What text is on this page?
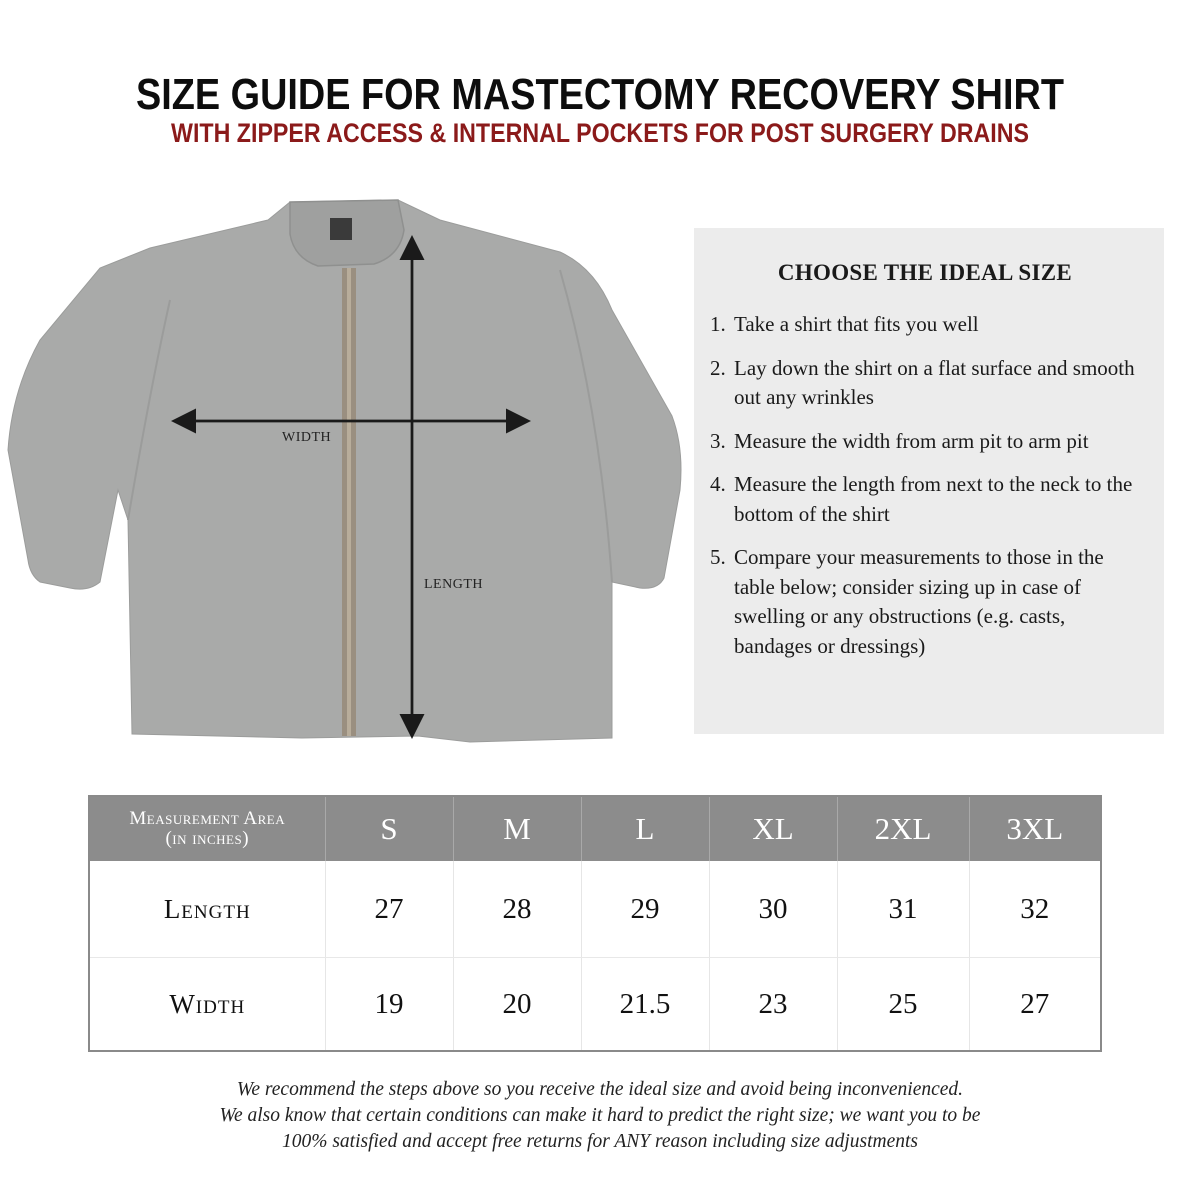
SIZE GUIDE FOR MASTECTOMY RECOVERY SHIRT
WITH ZIPPER ACCESS & INTERNAL POCKETS FOR POST SURGERY DRAINS
WIDTH
LENGTH
CHOOSE THE IDEAL SIZE
1. Take a shirt that fits you well
2. Lay down the shirt on a flat surface and smooth out any wrinkles
3. Measure the width from arm pit to arm pit
4. Measure the length from next to the neck to the bottom of the shirt
5. Compare your measurements to those in the table below; consider sizing up in case of swelling or any obstructions (e.g. casts, bandages or dressings)
Measurement Area
(in inches)	S	M	L	XL	2XL	3XL
Length	27	28	29	30	31	32
Width	19	20	21.5	23	25	27
We recommend the steps above so you receive the ideal size and avoid being inconvenienced.
We also know that certain conditions can make it hard to predict the right size; we want you to be
100% satisfied and accept free returns for ANY reason including size adjustments
